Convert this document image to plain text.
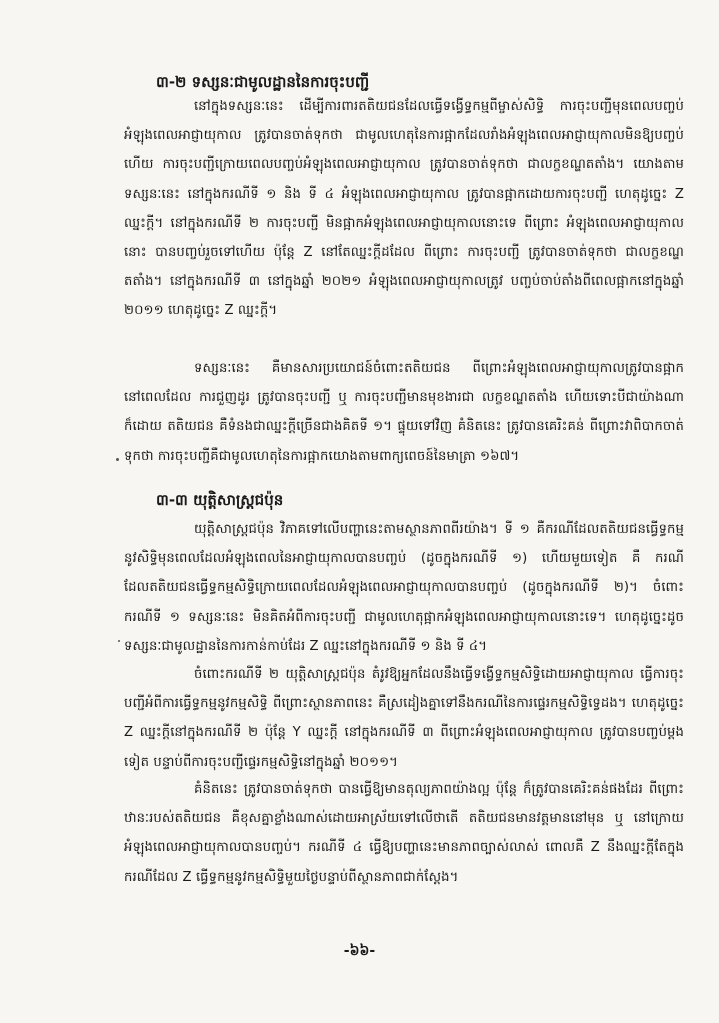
៣-២ ទស្សនៈជាមូលដ្ឋាននៃការចុះបញ្ជី

នៅក្នុងទស្សនៈនេះ ដើម្បីការពារតតិយជនដែលធ្វើទង្វើទ្ធកម្មពីម្ចាស់សិទ្ធិ ការចុះបញ្ជីមុនពេលបញ្ចប់អំឡុងពេលអាជ្ញាយុកាល ត្រូវបានចាត់ទុកថា ជាមូលហេតុនៃការផ្អាកដែលរាំងអំឡុងពេលអាជ្ញាយុកាលមិនឱ្យបញ្ចប់ ហើយ ការចុះបញ្ជីក្រោយពេលបញ្ចប់អំឡុងពេលអាជ្ញាយុកាល ត្រូវបានចាត់ទុកថា ជាលក្ខខណ្ឌតតាំង។ យោងតាមទស្សនៈនេះ នៅក្នុងករណីទី ១ និង ទី ៤ អំឡុងពេលអាជ្ញាយុកាល ត្រូវបានផ្អាកដោយការចុះបញ្ជី ហេតុដូច្នេះ Z ឈ្នះក្តី។ នៅក្នុងករណីទី ២ ការចុះបញ្ជី មិនផ្អាកអំឡុងពេលអាជ្ញាយុកាលនោះទេ ពីព្រោះ អំឡុងពេលអាជ្ញាយុកាលនោះ បានបញ្ចប់រួចទៅហើយ ប៉ុន្តែ Z នៅតែឈ្នះក្តីដដែល ពីព្រោះ ការចុះបញ្ជី ត្រូវបានចាត់ទុកថា ជាលក្ខខណ្ឌតតាំង។ នៅក្នុងករណីទី ៣ នៅក្នុងឆ្នាំ ២០២១ អំឡុងពេលអាជ្ញាយុកាលត្រូវ បញ្ចប់ចាប់តាំងពីពេលផ្អាកនៅក្នុងឆ្នាំ ២០១១ ហេតុដូច្នេះ Z ឈ្នះក្តី។

ទស្សនៈនេះ គឺមានសារប្រយោជន៍ចំពោះតតិយជន ពីព្រោះអំឡុងពេលអាជ្ញាយុកាលត្រូវបានផ្អាកនៅពេលដែល ការជួញដូរ ត្រូវបានចុះបញ្ជី ឬ ការចុះបញ្ជីមានមុខងារជា លក្ខខណ្ឌតតាំង ហើយទោះបីជាយ៉ាងណាក៏ដោយ តតិយជន គឺទំនងជាឈ្នះក្តីច្រើនជាងគិតទី ១។ ផ្ទុយទៅវិញ គំនិតនេះ ត្រូវបានគេរិះគន់ ពីព្រោះវាពិបាកចាត់ទុកថា ការចុះបញ្ជីគឺជាមូលហេតុនៃការផ្អាកយោងតាមពាក្យពេចន៍នៃមាត្រា ១៦៧។

៣-៣ យុត្តិសាស្ត្រជប៉ុន

យុត្តិសាស្ត្រជប៉ុន វិភាគទៅលើបញ្ហានេះតាមស្ថានភាពពីរយ៉ាង។ ទី ១ គឺករណីដែលតតិយជនធ្វើទ្ធកម្មនូវសិទ្ធិមុនពេលដែលអំឡុងពេលនៃអាជ្ញាយុកាលបានបញ្ចប់ (ដូចក្នុងករណីទី ១) ហើយមួយទៀត គឺ ករណីដែលតតិយជនធ្វើទ្ធកម្មសិទ្ធិក្រោយពេលដែលអំឡុងពេលអាជ្ញាយុកាលបានបញ្ចប់ (ដូចក្នុងករណីទី ២)។ ចំពោះករណីទី ១ ទស្សនៈនេះ មិនគិតអំពីការចុះបញ្ជី ជាមូលហេតុផ្អាកអំឡុងពេលអាជ្ញាយុកាលនោះទេ។ ហេតុដូច្នេះដូច ទស្សនៈជាមូលដ្ឋាននៃការកាន់កាប់ដែរ Z ឈ្នះនៅក្នុងករណីទី ១ និង ទី ៤។

ចំពោះករណីទី ២ យុត្តិសាស្ត្រជប៉ុន តំរូវឱ្យអ្នកដែលនឹងធ្វើទង្វើទ្ធកម្មសិទ្ធិដោយអាជ្ញាយុកាល ធ្វើការចុះបញ្ជីអំពីការធ្វើទ្ធកម្មនូវកម្មសិទ្ធិ ពីព្រោះស្ថានភាពនេះ គឺស្រដៀងគ្នាទៅនឹងករណីនៃការផ្ទេរកម្មសិទ្ធិទ្វេដង។ ហេតុដូច្នេះ Z ឈ្នះក្តីនៅក្នុងករណីទី ២ ប៉ុន្តែ Y ឈ្នះក្តី នៅក្នុងករណីទី ៣ ពីព្រោះអំឡុងពេលអាជ្ញាយុកាល ត្រូវបានបញ្ចប់ម្តងទៀត បន្ទាប់ពីការចុះបញ្ជីផ្ទេរកម្មសិទ្ធិនៅក្នុងឆ្នាំ ២០១១។

គំនិតនេះ ត្រូវបានចាត់ទុកថា បានធ្វើឱ្យមានតុល្យភាពយ៉ាងល្អ ប៉ុន្តែ ក៏ត្រូវបានគេរិះគន់ផងដែរ ពីព្រោះឋានៈរបស់តតិយជន គឺខុសគ្នាខ្លាំងណាស់ដោយអាស្រ័យទៅលើថាតើ តតិយជនមានវត្តមាននៅមុន ឬ នៅក្រោយអំឡុងពេលអាជ្ញាយុកាលបានបញ្ចប់។ ករណីទី ៤ ធ្វើឱ្យបញ្ហានេះមានភាពច្បាស់លាស់ ពោលគឺ Z នឹងឈ្នះក្តីតែក្នុងករណីដែល Z ធ្វើទ្ធកម្មនូវកម្មសិទ្ធិមួយថ្ងៃបន្ទាប់ពីស្ថានភាពជាក់ស្តែង។

-៦៦-
